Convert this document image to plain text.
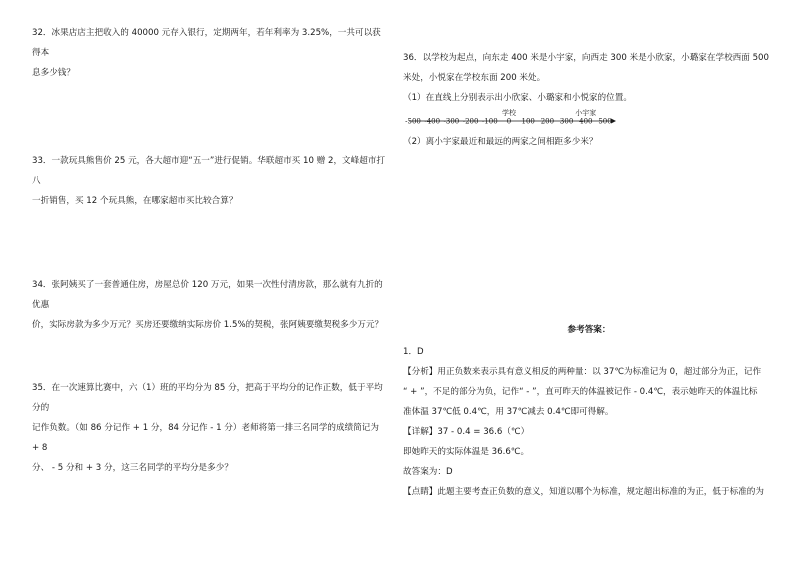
32．冰果店店主把收入的 40000 元存入银行，定期两年，若年利率为 3.25%，一共可以获得本

息多少钱？

33．一款玩具熊售价 25 元，各大超市迎“五一”进行促销。华联超市买 10 赠 2，文峰超市打八

一折销售，买 12 个玩具熊，在哪家超市买比较合算？

34．张阿姨买了一套普通住房，房屋总价 120 万元，如果一次性付清房款，那么就有九折的优惠

价，实际房款为多少万元？买房还要缴纳实际房价 1.5%的契税，张阿姨要缴契税多少万元？

35．在一次速算比赛中，六（1）班的平均分为 85 分，把高于平均分的记作正数，低于平均分的

记作负数。（如 86 分记作 + 1 分，84 分记作 - 1 分）老师将第一排三名同学的成绩简记为 + 8

分、 - 5 分和 + 3 分，这三名同学的平均分是多少？

36．以学校为起点，向东走 400 米是小宇家，向西走 300 米是小欣家，小璐家在学校西面 500

米处，小悦家在学校东面 200 米处。

（1）在直线上分别表示出小欣家、小璐家和小悦家的位置。

学校	小宇家
-500 -400 -300 -200 -100 0 100 200 300 400 500

（2）离小宇家最近和最远的两家之间相距多少米？

参考答案：

1．D

【分析】用正负数来表示具有意义相反的两种量：以 37℃为标准记为 0，超过部分为正，记作

“ + ”，不足的部分为负，记作“ - ”，直可昨天的体温被记作 - 0.4℃，表示她昨天的体温比标

准体温 37℃低 0.4℃，用 37℃减去 0.4℃即可得解。

【详解】37 - 0.4 = 36.6（℃）

即她昨天的实际体温是 36.6℃。

故答案为：D

【点睛】此题主要考查正负数的意义，知道以哪个为标准，规定超出标准的为正，低于标准的为
